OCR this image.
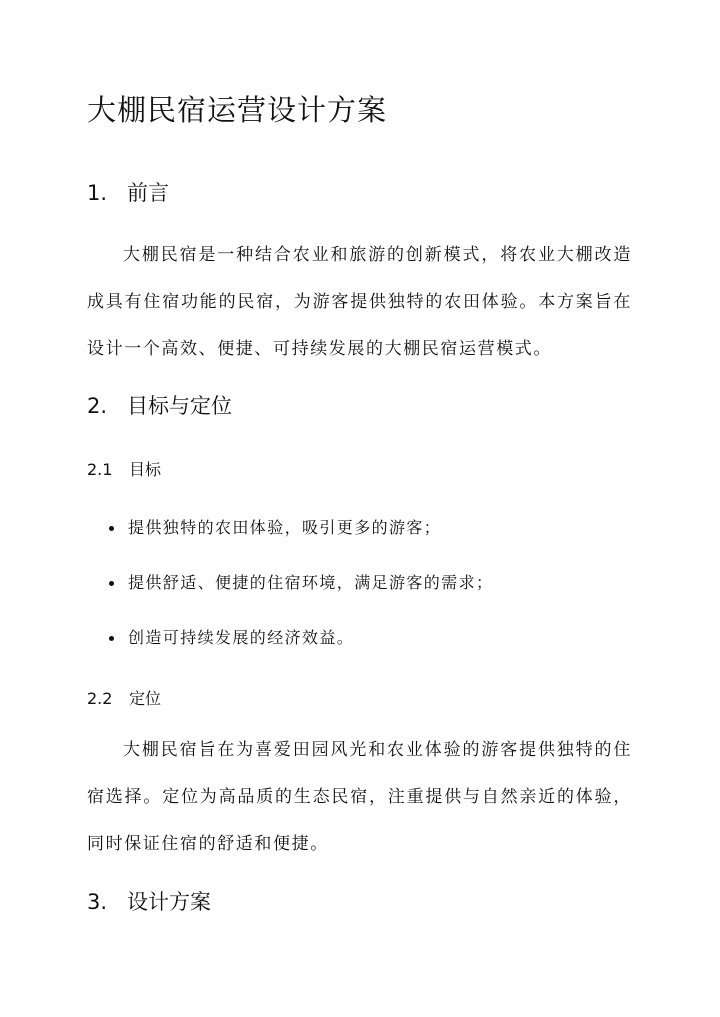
大棚民宿运营设计方案
1. 前言
大棚民宿是一种结合农业和旅游的创新模式，将农业大棚改造成具有住宿功能的民宿，为游客提供独特的农田体验。本方案旨在设计一个高效、便捷、可持续发展的大棚民宿运营模式。
2. 目标与定位
2.1 目标
提供独特的农田体验，吸引更多的游客；
提供舒适、便捷的住宿环境，满足游客的需求；
创造可持续发展的经济效益。
2.2 定位
大棚民宿旨在为喜爱田园风光和农业体验的游客提供独特的住宿选择。定位为高品质的生态民宿，注重提供与自然亲近的体验，同时保证住宿的舒适和便捷。
3. 设计方案
